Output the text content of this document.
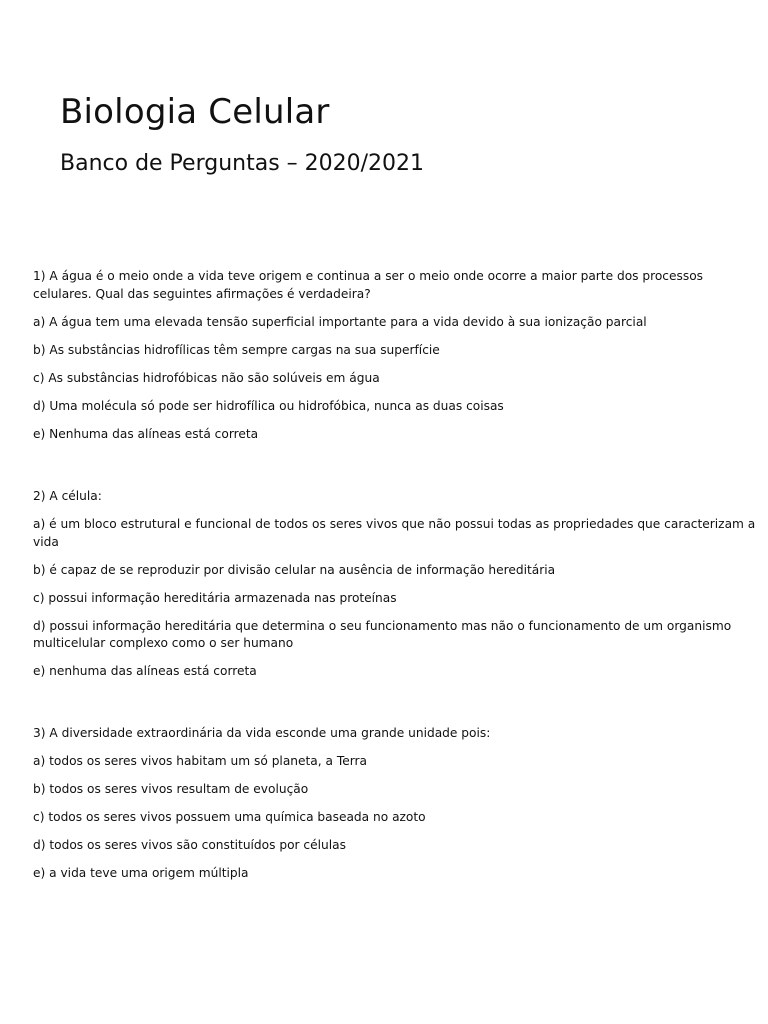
Biologia Celular
Banco de Perguntas – 2020/2021
1) A água é o meio onde a vida teve origem e continua a ser o meio onde ocorre a maior parte dos processos celulares. Qual das seguintes afirmações é verdadeira?
a) A água tem uma elevada tensão superficial importante para a vida devido à sua ionização parcial
b) As substâncias hidrofílicas têm sempre cargas na sua superfície
c) As substâncias hidrofóbicas não são solúveis em água
d) Uma molécula só pode ser hidrofílica ou hidrofóbica, nunca as duas coisas
e) Nenhuma das alíneas está correta
2) A célula:
a) é um bloco estrutural e funcional de todos os seres vivos que não possui todas as propriedades que caracterizam a vida
b) é capaz de se reproduzir por divisão celular na ausência de informação hereditária
c) possui informação hereditária armazenada nas proteínas
d) possui informação hereditária que determina o seu funcionamento mas não o funcionamento de um organismo multicelular complexo como o ser humano
e) nenhuma das alíneas está correta
3) A diversidade extraordinária da vida esconde uma grande unidade pois:
a) todos os seres vivos habitam um só planeta, a Terra
b) todos os seres vivos resultam de evolução
c) todos os seres vivos possuem uma química baseada no azoto
d) todos os seres vivos são constituídos por células
e) a vida teve uma origem múltipla
